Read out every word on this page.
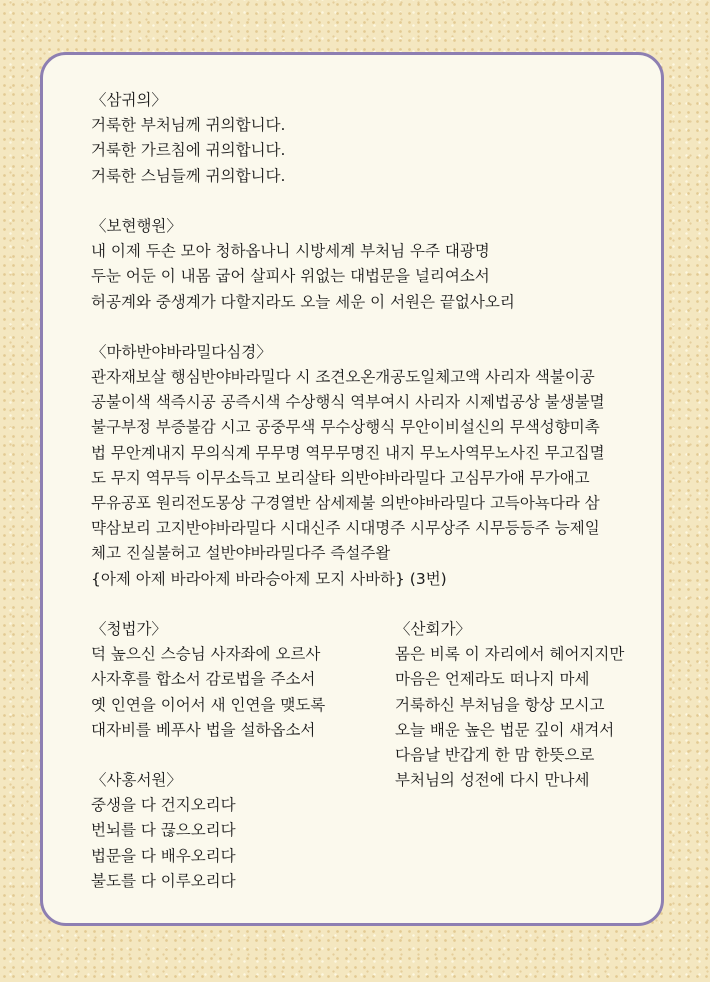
〈삼귀의〉
거룩한 부처님께 귀의합니다.
거룩한 가르침에 귀의합니다.
거룩한 스님들께 귀의합니다.
〈보현행원〉
내 이제 두손 모아 청하옵나니 시방세계 부처님 우주 대광명
두눈 어둔 이 내몸 굽어 살피사 위없는 대법문을 널리여소서
허공계와 중생계가 다할지라도 오늘 세운 이 서원은 끝없사오리
〈마하반야바라밀다심경〉
관자재보살 행심반야바라밀다 시 조견오온개공도일체고액 사리자 색불이공
공불이색 색즉시공 공즉시색 수상행식 역부여시 사리자 시제법공상 불생불멸
불구부정 부증불감 시고 공중무색 무수상행식 무안이비설신의 무색성향미촉
법 무안계내지 무의식계 무무명 역무무명진 내지 무노사역무노사진 무고집멸
도 무지 역무득 이무소득고 보리살타 의반야바라밀다 고심무가애 무가애고
무유공포 원리전도몽상 구경열반 삼세제불 의반야바라밀다 고득아뇩다라 삼
먁삼보리 고지반야바라밀다 시대신주 시대명주 시무상주 시무등등주 능제일
체고 진실불허고 설반야바라밀다주 즉설주왈
{아제 아제 바라아제 바라승아제 모지 사바하} (3번)
〈청법가〉
덕 높으신 스승님 사자좌에 오르사
사자후를 합소서 감로법을 주소서
옛 인연을 이어서 새 인연을 맺도록
대자비를 베푸사 법을 설하옵소서
〈사홍서원〉
중생을 다 건지오리다
번뇌를 다 끊으오리다
법문을 다 배우오리다
불도를 다 이루오리다
〈산회가〉
몸은 비록 이 자리에서 헤어지지만
마음은 언제라도 떠나지 마세
거룩하신 부처님을 항상 모시고
오늘 배운 높은 법문 깊이 새겨서
다음날 반갑게 한 맘 한뜻으로
부처님의 성전에 다시 만나세
